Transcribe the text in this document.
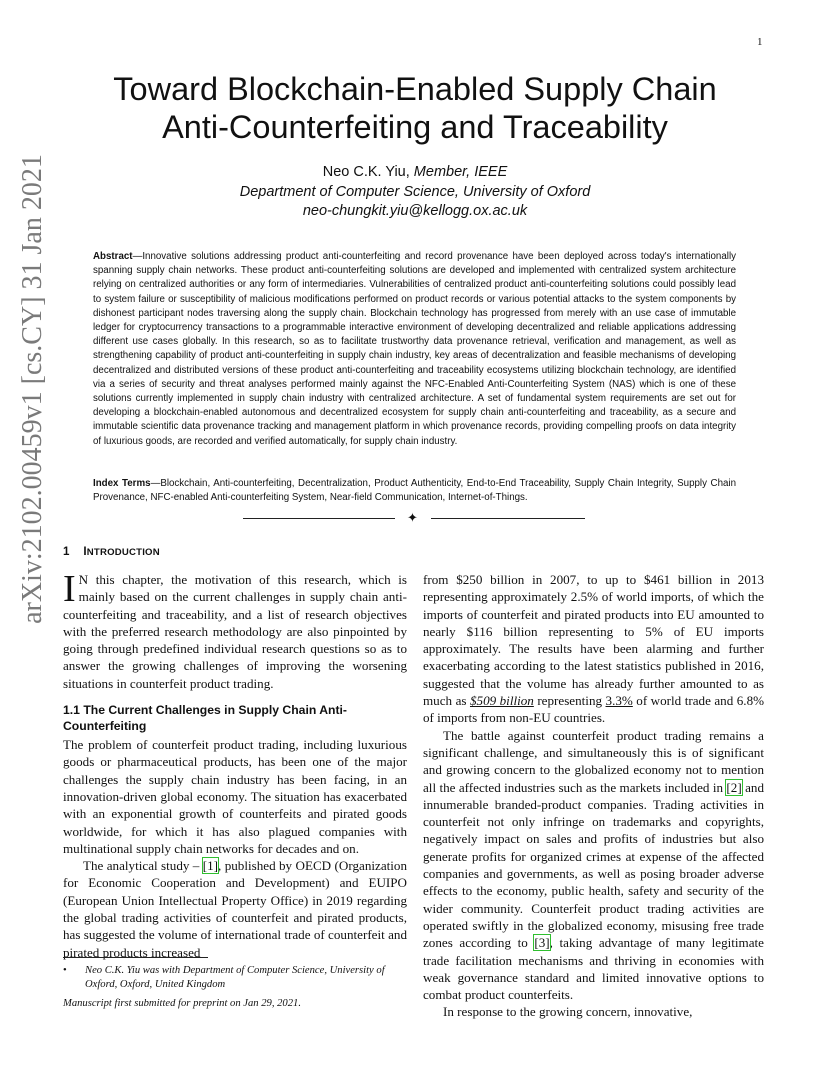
1
arXiv:2102.00459v1 [cs.CY] 31 Jan 2021
Toward Blockchain-Enabled Supply Chain
Anti-Counterfeiting and Traceability
Neo C.K. Yiu, Member, IEEE
Department of Computer Science, University of Oxford
neo-chungkit.yiu@kellogg.ox.ac.uk
Abstract—Innovative solutions addressing product anti-counterfeiting and record provenance have been deployed across today's internationally spanning supply chain networks. These product anti-counterfeiting solutions are developed and implemented with centralized system architecture relying on centralized authorities or any form of intermediaries. Vulnerabilities of centralized product anti-counterfeiting solutions could possibly lead to system failure or susceptibility of malicious modifications performed on product records or various potential attacks to the system components by dishonest participant nodes traversing along the supply chain. Blockchain technology has progressed from merely with an use case of immutable ledger for cryptocurrency transactions to a programmable interactive environment of developing decentralized and reliable applications addressing different use cases globally. In this research, so as to facilitate trustworthy data provenance retrieval, verification and management, as well as strengthening capability of product anti-counterfeiting in supply chain industry, key areas of decentralization and feasible mechanisms of developing decentralized and distributed versions of these product anti-counterfeiting and traceability ecosystems utilizing blockchain technology, are identified via a series of security and threat analyses performed mainly against the NFC-Enabled Anti-Counterfeiting System (NAS) which is one of these solutions currently implemented in supply chain industry with centralized architecture. A set of fundamental system requirements are set out for developing a blockchain-enabled autonomous and decentralized ecosystem for supply chain anti-counterfeiting and traceability, as a secure and immutable scientific data provenance tracking and management platform in which provenance records, providing compelling proofs on data integrity of luxurious goods, are recorded and verified automatically, for supply chain industry.
Index Terms—Blockchain, Anti-counterfeiting, Decentralization, Product Authenticity, End-to-End Traceability, Supply Chain Integrity, Supply Chain Provenance, NFC-enabled Anti-counterfeiting System, Near-field Communication, Internet-of-Things.
✦
1 INTRODUCTION

I N this chapter, the motivation of this research, which is mainly based on the current challenges in supply chain anti-counterfeiting and traceability, and a list of research objectives with the preferred research methodology are also pinpointed by going through predefined individual research questions so as to answer the growing challenges of improving the worsening situations in counterfeit product trading.

1.1 The Current Challenges in Supply Chain Anti-Counterfeiting

The problem of counterfeit product trading, including luxurious goods or pharmaceutical products, has been one of the major challenges the supply chain industry has been facing, in an innovation-driven global economy. The situation has exacerbated with an exponential growth of counterfeits and pirated goods worldwide, for which it has also plagued companies with multinational supply chain networks for decades and on.

The analytical study – [1], published by OECD (Organization for Economic Cooperation and Development) and EUIPO (European Union Intellectual Property Office) in 2019 regarding the global trading activities of counterfeit and pirated products, has suggested the volume of international trade of counterfeit and pirated products increased

• Neo C.K. Yiu was with Department of Computer Science, University of Oxford, Oxford, United Kingdom
Manuscript first submitted for preprint on Jan 29, 2021.

from $250 billion in 2007, to up to $461 billion in 2013 representing approximately 2.5% of world imports, of which the imports of counterfeit and pirated products into EU amounted to nearly $116 billion representing to 5% of EU imports approximately. The results have been alarming and further exacerbating according to the latest statistics published in 2016, suggested that the volume has already further amounted to as much as $509 billion representing 3.3% of world trade and 6.8% of imports from non-EU countries.

The battle against counterfeit product trading remains a significant challenge, and simultaneously this is of significant and growing concern to the globalized economy not to mention all the affected industries such as the markets included in [2] and innumerable branded-product companies. Trading activities in counterfeit not only infringe on trademarks and copyrights, negatively impact on sales and profits of industries but also generate profits for organized crimes at expense of the affected companies and governments, as well as posing broader adverse effects to the economy, public health, safety and security of the wider community. Counterfeit product trading activities are operated swiftly in the globalized economy, misusing free trade zones according to [3], taking advantage of many legitimate trade facilitation mechanisms and thriving in economies with weak governance standard and limited innovative options to combat product counterfeits.

In response to the growing concern, innovative,
